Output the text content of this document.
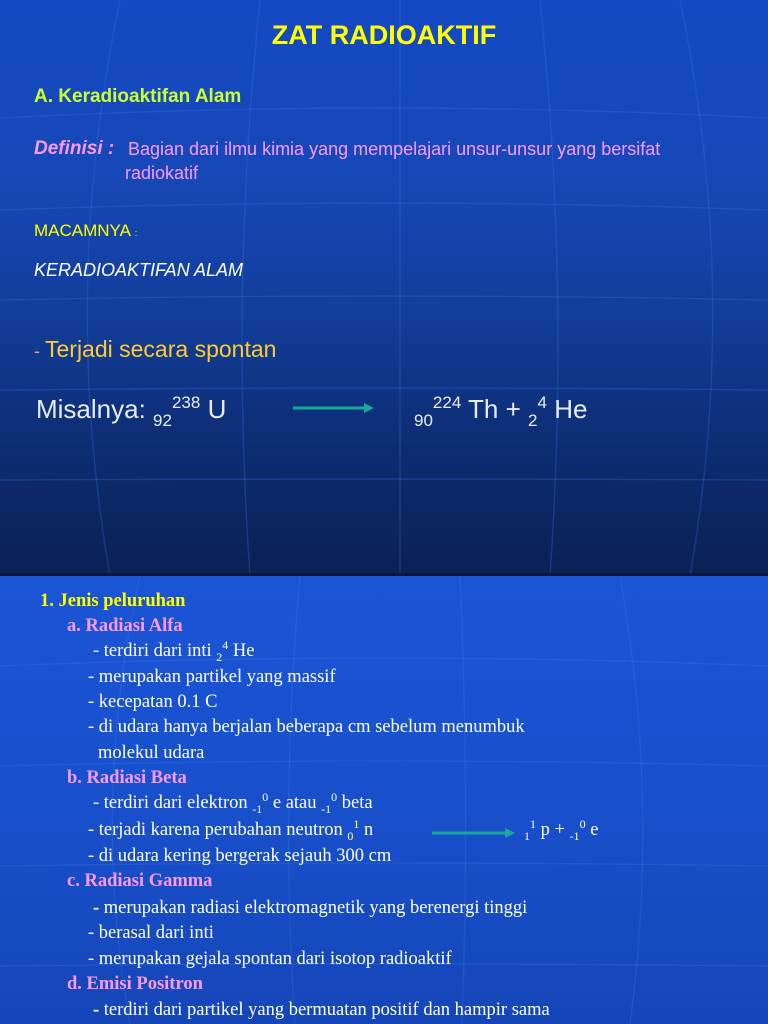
ZAT RADIOAKTIF
A. Keradioaktifan Alam
Definisi : Bagian dari ilmu kimia yang mempelajari unsur-unsur yang bersifat
radiokatif
MACAMNYA :
KERADIOAKTIFAN ALAM
- Terjadi secara spontan
Misalnya: $_{92}^{238}$ U	$_{90}^{224}$ Th + $_2^4$ He
1. Jenis peluruhan
a. Radiasi Alfa
- terdiri dari inti $_2^4$ He
- merupakan partikel yang massif
- kecepatan 0.1 C
- di udara hanya berjalan beberapa cm sebelum menumbuk
molekul udara
b. Radiasi Beta
- terdiri dari elektron $_{-1}^0$ e atau $_{-1}^0$ beta
- terjadi karena perubahan neutron $_0^1$ n	$_1^1$ p + $_{-1}^0$ e
- di udara kering bergerak sejauh 300 cm
c. Radiasi Gamma
- merupakan radiasi elektromagnetik yang berenergi tinggi
- berasal dari inti
- merupakan gejala spontan dari isotop radioaktif
d. Emisi Positron
- terdiri dari partikel yang bermuatan positif dan hampir sama
